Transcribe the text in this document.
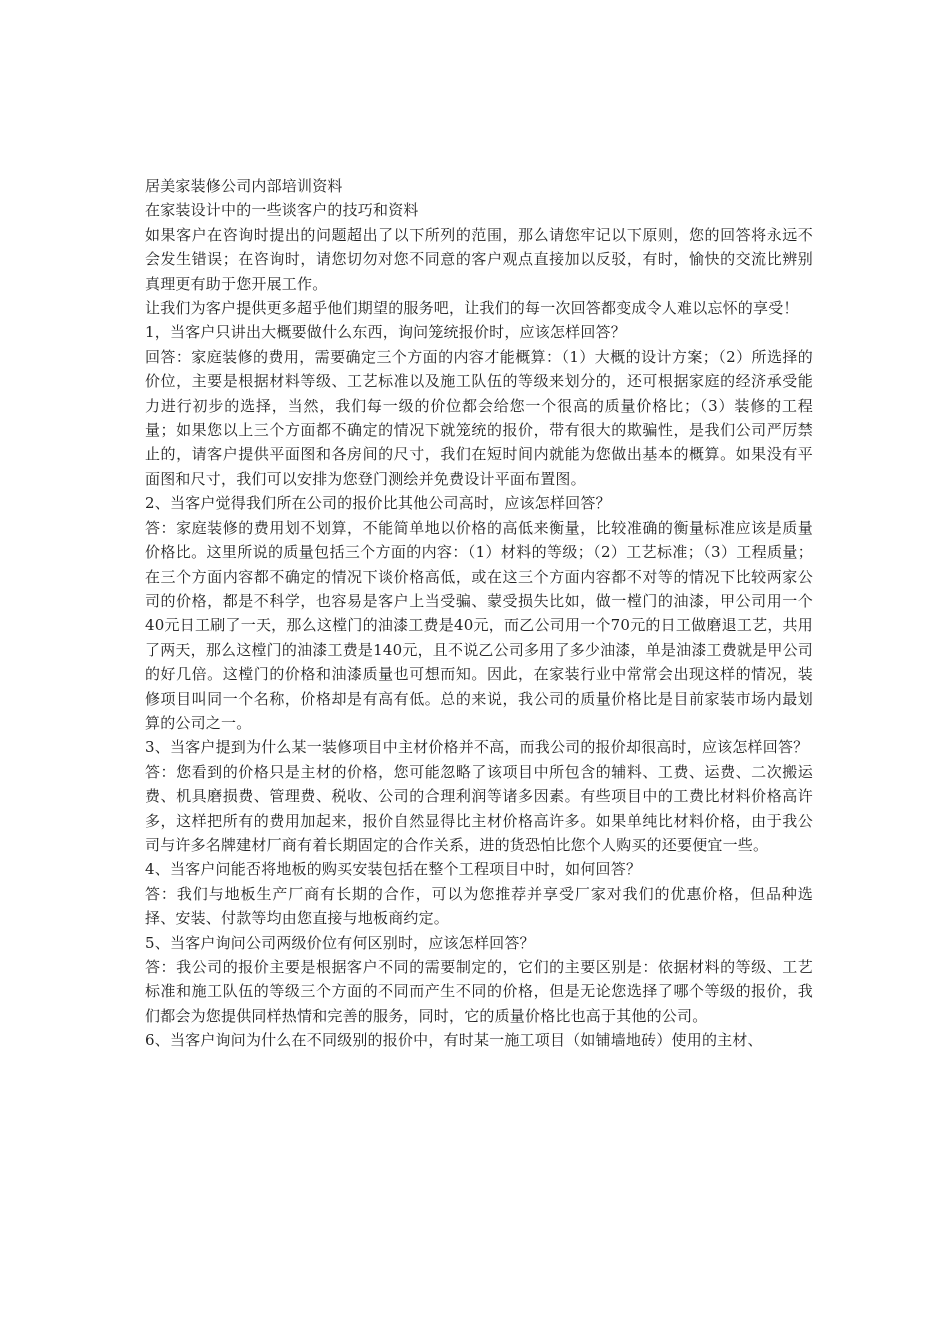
居美家装修公司内部培训资料

在家装设计中的一些谈客户的技巧和资料

如果客户在咨询时提出的问题超出了以下所列的范围，那么请您牢记以下原则，您的回答将永远不会发生错误；在咨询时，请您切勿对您不同意的客户观点直接加以反驳，有时，愉快的交流比辨别真理更有助于您开展工作。

让我们为客户提供更多超乎他们期望的服务吧，让我们的每一次回答都变成令人难以忘怀的享受！

1，当客户只讲出大概要做什么东西，询问笼统报价时，应该怎样回答？

回答：家庭装修的费用，需要确定三个方面的内容才能概算：（1）大概的设计方案；（2）所选择的价位，主要是根据材料等级、工艺标准以及施工队伍的等级来划分的，还可根据家庭的经济承受能力进行初步的选择，当然，我们每一级的价位都会给您一个很高的质量价格比；（3）装修的工程量；如果您以上三个方面都不确定的情况下就笼统的报价，带有很大的欺骗性，是我们公司严厉禁止的，请客户提供平面图和各房间的尺寸，我们在短时间内就能为您做出基本的概算。如果没有平面图和尺寸，我们可以安排为您登门测绘并免费设计平面布置图。

2、当客户觉得我们所在公司的报价比其他公司高时，应该怎样回答？

答：家庭装修的费用划不划算，不能简单地以价格的高低来衡量，比较准确的衡量标准应该是质量价格比。这里所说的质量包括三个方面的内容：（1）材料的等级；（2）工艺标准；（3）工程质量；在三个方面内容都不确定的情况下谈价格高低，或在这三个方面内容都不对等的情况下比较两家公司的价格，都是不科学，也容易是客户上当受骗、蒙受损失比如，做一樘门的油漆，甲公司用一个40元日工刷了一天，那么这樘门的油漆工费是40元，而乙公司用一个70元的日工做磨退工艺，共用了两天，那么这樘门的油漆工费是140元，且不说乙公司多用了多少油漆，单是油漆工费就是甲公司的好几倍。这樘门的价格和油漆质量也可想而知。因此，在家装行业中常常会出现这样的情况，装修项目叫同一个名称，价格却是有高有低。总的来说，我公司的质量价格比是目前家装市场内最划算的公司之一。

3、当客户提到为什么某一装修项目中主材价格并不高，而我公司的报价却很高时，应该怎样回答？

答：您看到的价格只是主材的价格，您可能忽略了该项目中所包含的辅料、工费、运费、二次搬运费、机具磨损费、管理费、税收、公司的合理利润等诸多因素。有些项目中的工费比材料价格高许多，这样把所有的费用加起来，报价自然显得比主材价格高许多。如果单纯比材料价格，由于我公司与许多名牌建材厂商有着长期固定的合作关系，进的货恐怕比您个人购买的还要便宜一些。

4、当客户问能否将地板的购买安装包括在整个工程项目中时，如何回答？

答：我们与地板生产厂商有长期的合作，可以为您推荐并享受厂家对我们的优惠价格，但品种选择、安装、付款等均由您直接与地板商约定。

5、当客户询问公司两级价位有何区别时，应该怎样回答？

答：我公司的报价主要是根据客户不同的需要制定的，它们的主要区别是：依据材料的等级、工艺标准和施工队伍的等级三个方面的不同而产生不同的价格，但是无论您选择了哪个等级的报价，我们都会为您提供同样热情和完善的服务，同时，它的质量价格比也高于其他的公司。

6、当客户询问为什么在不同级别的报价中，有时某一施工项目（如铺墙地砖）使用的主材、
